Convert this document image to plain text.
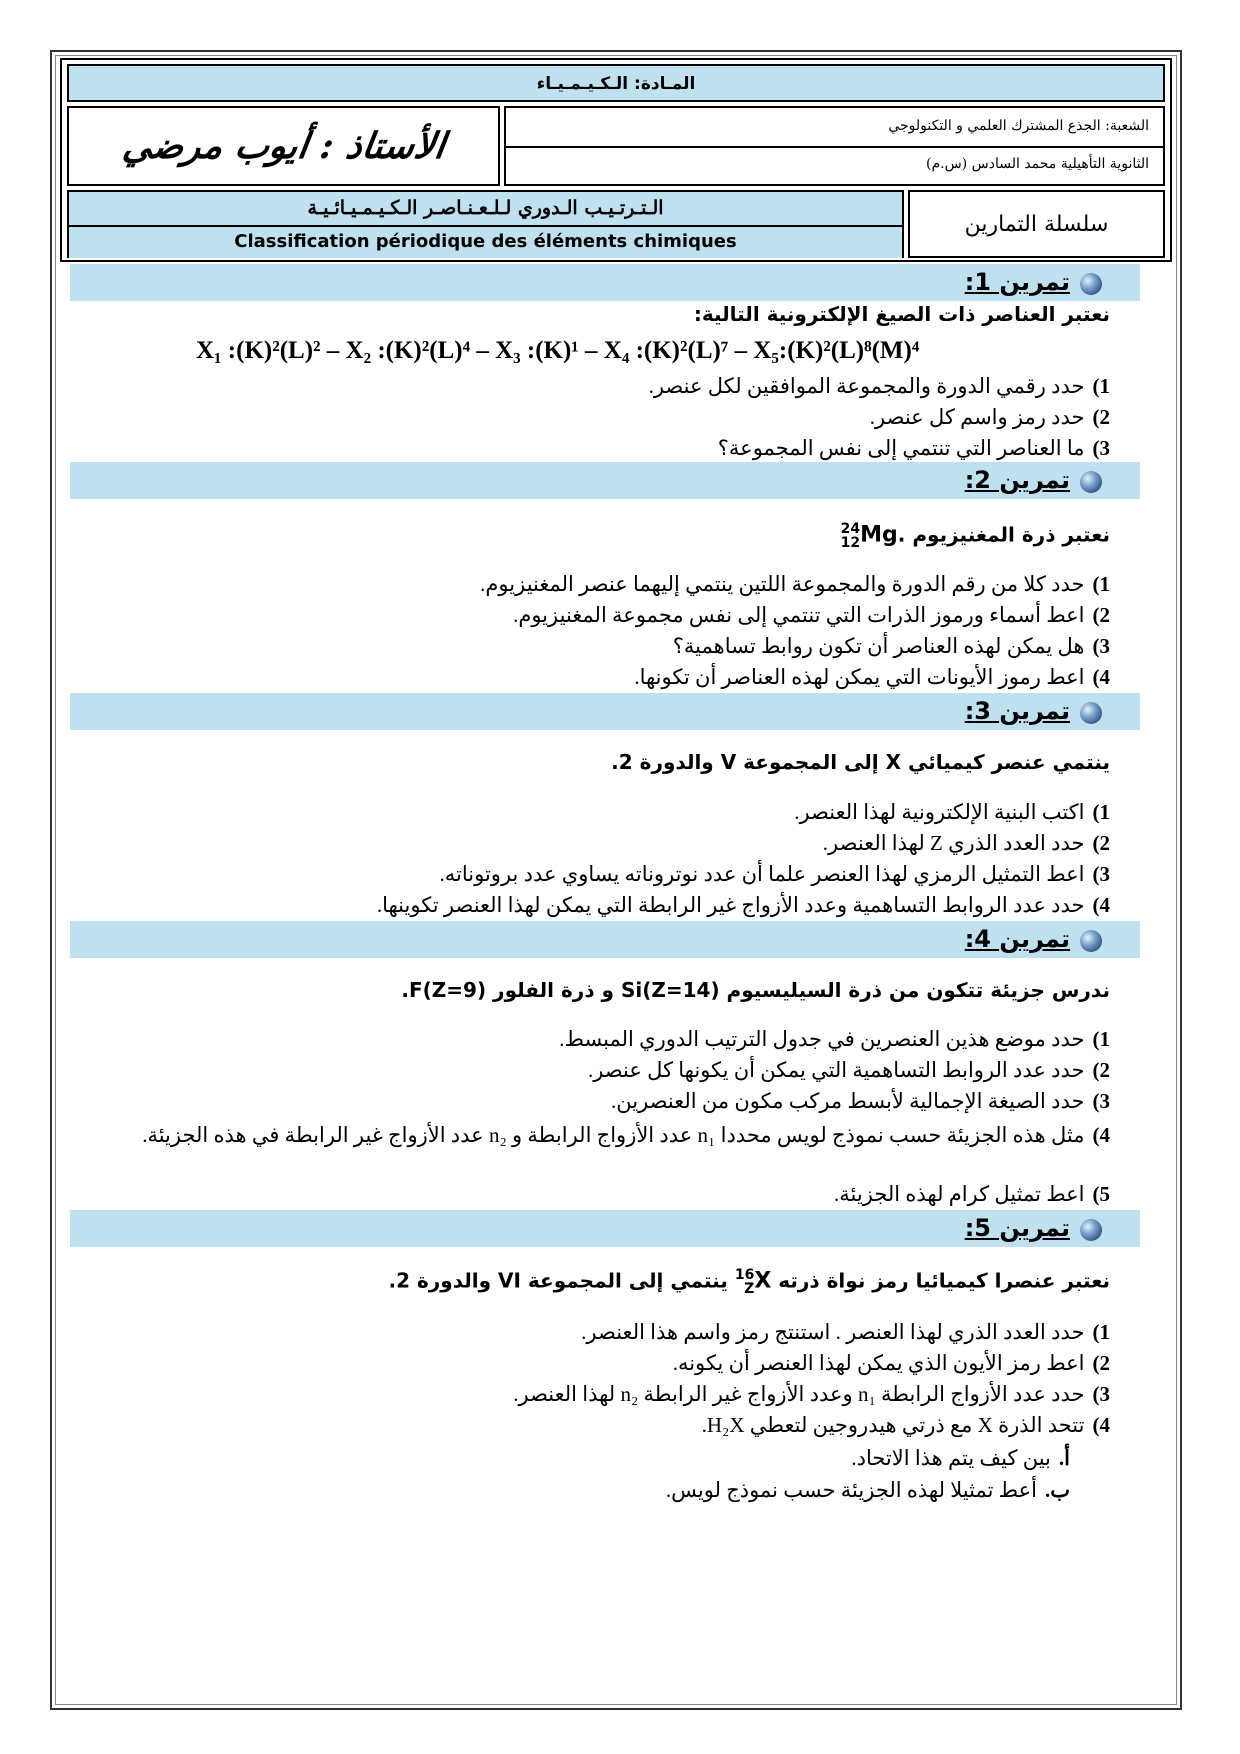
المـادة: الـكـيـمـيـاء
الشعبة: الجذع المشترك العلمي و التكنولوجي
الثانوية التأهيلية محمد السادس (س.م)
الأستاذ : أيوب مرضي
سلسلة التمارين
الـتـرتـيـب الـدوري لـلـعـنـاصـر الـكـيـمـيـائـيـة
Classification périodique des éléments chimiques
تمرين 1:
نعتبر العناصر ذات الصيغ الإلكترونية التالية:
X₁ :(K)²(L)² – X₂ :(K)²(L)⁴ – X₃ :(K)¹ – X₄ :(K)²(L)⁷ – X₅:(K)²(L)⁸(M)⁴
1)حدد رقمي الدورة والمجموعة الموافقين لكل عنصر.
2)حدد رمز واسم كل عنصر.
3)ما العناصر التي تنتمي إلى نفس المجموعة؟
تمرين 2:
نعتبر ذرة المغنيزيوم 24
12Mg.
1)حدد كلا من رقم الدورة والمجموعة اللتين ينتمي إليهما عنصر المغنيزيوم.
2)اعط أسماء ورموز الذرات التي تنتمي إلى نفس مجموعة المغنيزيوم.
3)هل يمكن لهذه العناصر أن تكون روابط تساهمية؟
4)اعط رموز الأيونات التي يمكن لهذه العناصر أن تكونها.
تمرين 3:
ينتمي عنصر كيميائي X إلى المجموعة V والدورة 2.
1)اكتب البنية الإلكترونية لهذا العنصر.
2)حدد العدد الذري Z لهذا العنصر.
3)اعط التمثيل الرمزي لهذا العنصر علما أن عدد نوتروناته يساوي عدد بروتوناته.
4)حدد عدد الروابط التساهمية وعدد الأزواج غير الرابطة التي يمكن لهذا العنصر تكوينها.
تمرين 4:
ندرس جزيئة تتكون من ذرة السيليسيوم (Si(Z=14 و ذرة الفلور (F(Z=9.
1)حدد موضع هذين العنصرين في جدول الترتيب الدوري المبسط.
2)حدد عدد الروابط التساهمية التي يمكن أن يكونها كل عنصر.
3)حدد الصيغة الإجمالية لأبسط مركب مكون من العنصرين.
4)مثل هذه الجزيئة حسب نموذج لويس محددا n₁ عدد الأزواج الرابطة و n₂ عدد الأزواج غير الرابطة في هذه الجزيئة.
5)اعط تمثيل كرام لهذه الجزيئة.
تمرين 5:
نعتبر عنصرا كيميائيا رمز نواة ذرته 16
ZX ينتمي إلى المجموعة VI والدورة 2.
1)حدد العدد الذري لهذا العنصر . استنتج رمز واسم هذا العنصر.
2)اعط رمز الأيون الذي يمكن لهذا العنصر أن يكونه.
3)حدد عدد الأزواج الرابطة n₁ وعدد الأزواج غير الرابطة n₂ لهذا العنصر.
4)تتحد الذرة X مع ذرتي هيدروجين لتعطي H₂X.
أ.بين كيف يتم هذا الاتحاد.
ب.أعط تمثيلا لهذه الجزيئة حسب نموذج لويس.
